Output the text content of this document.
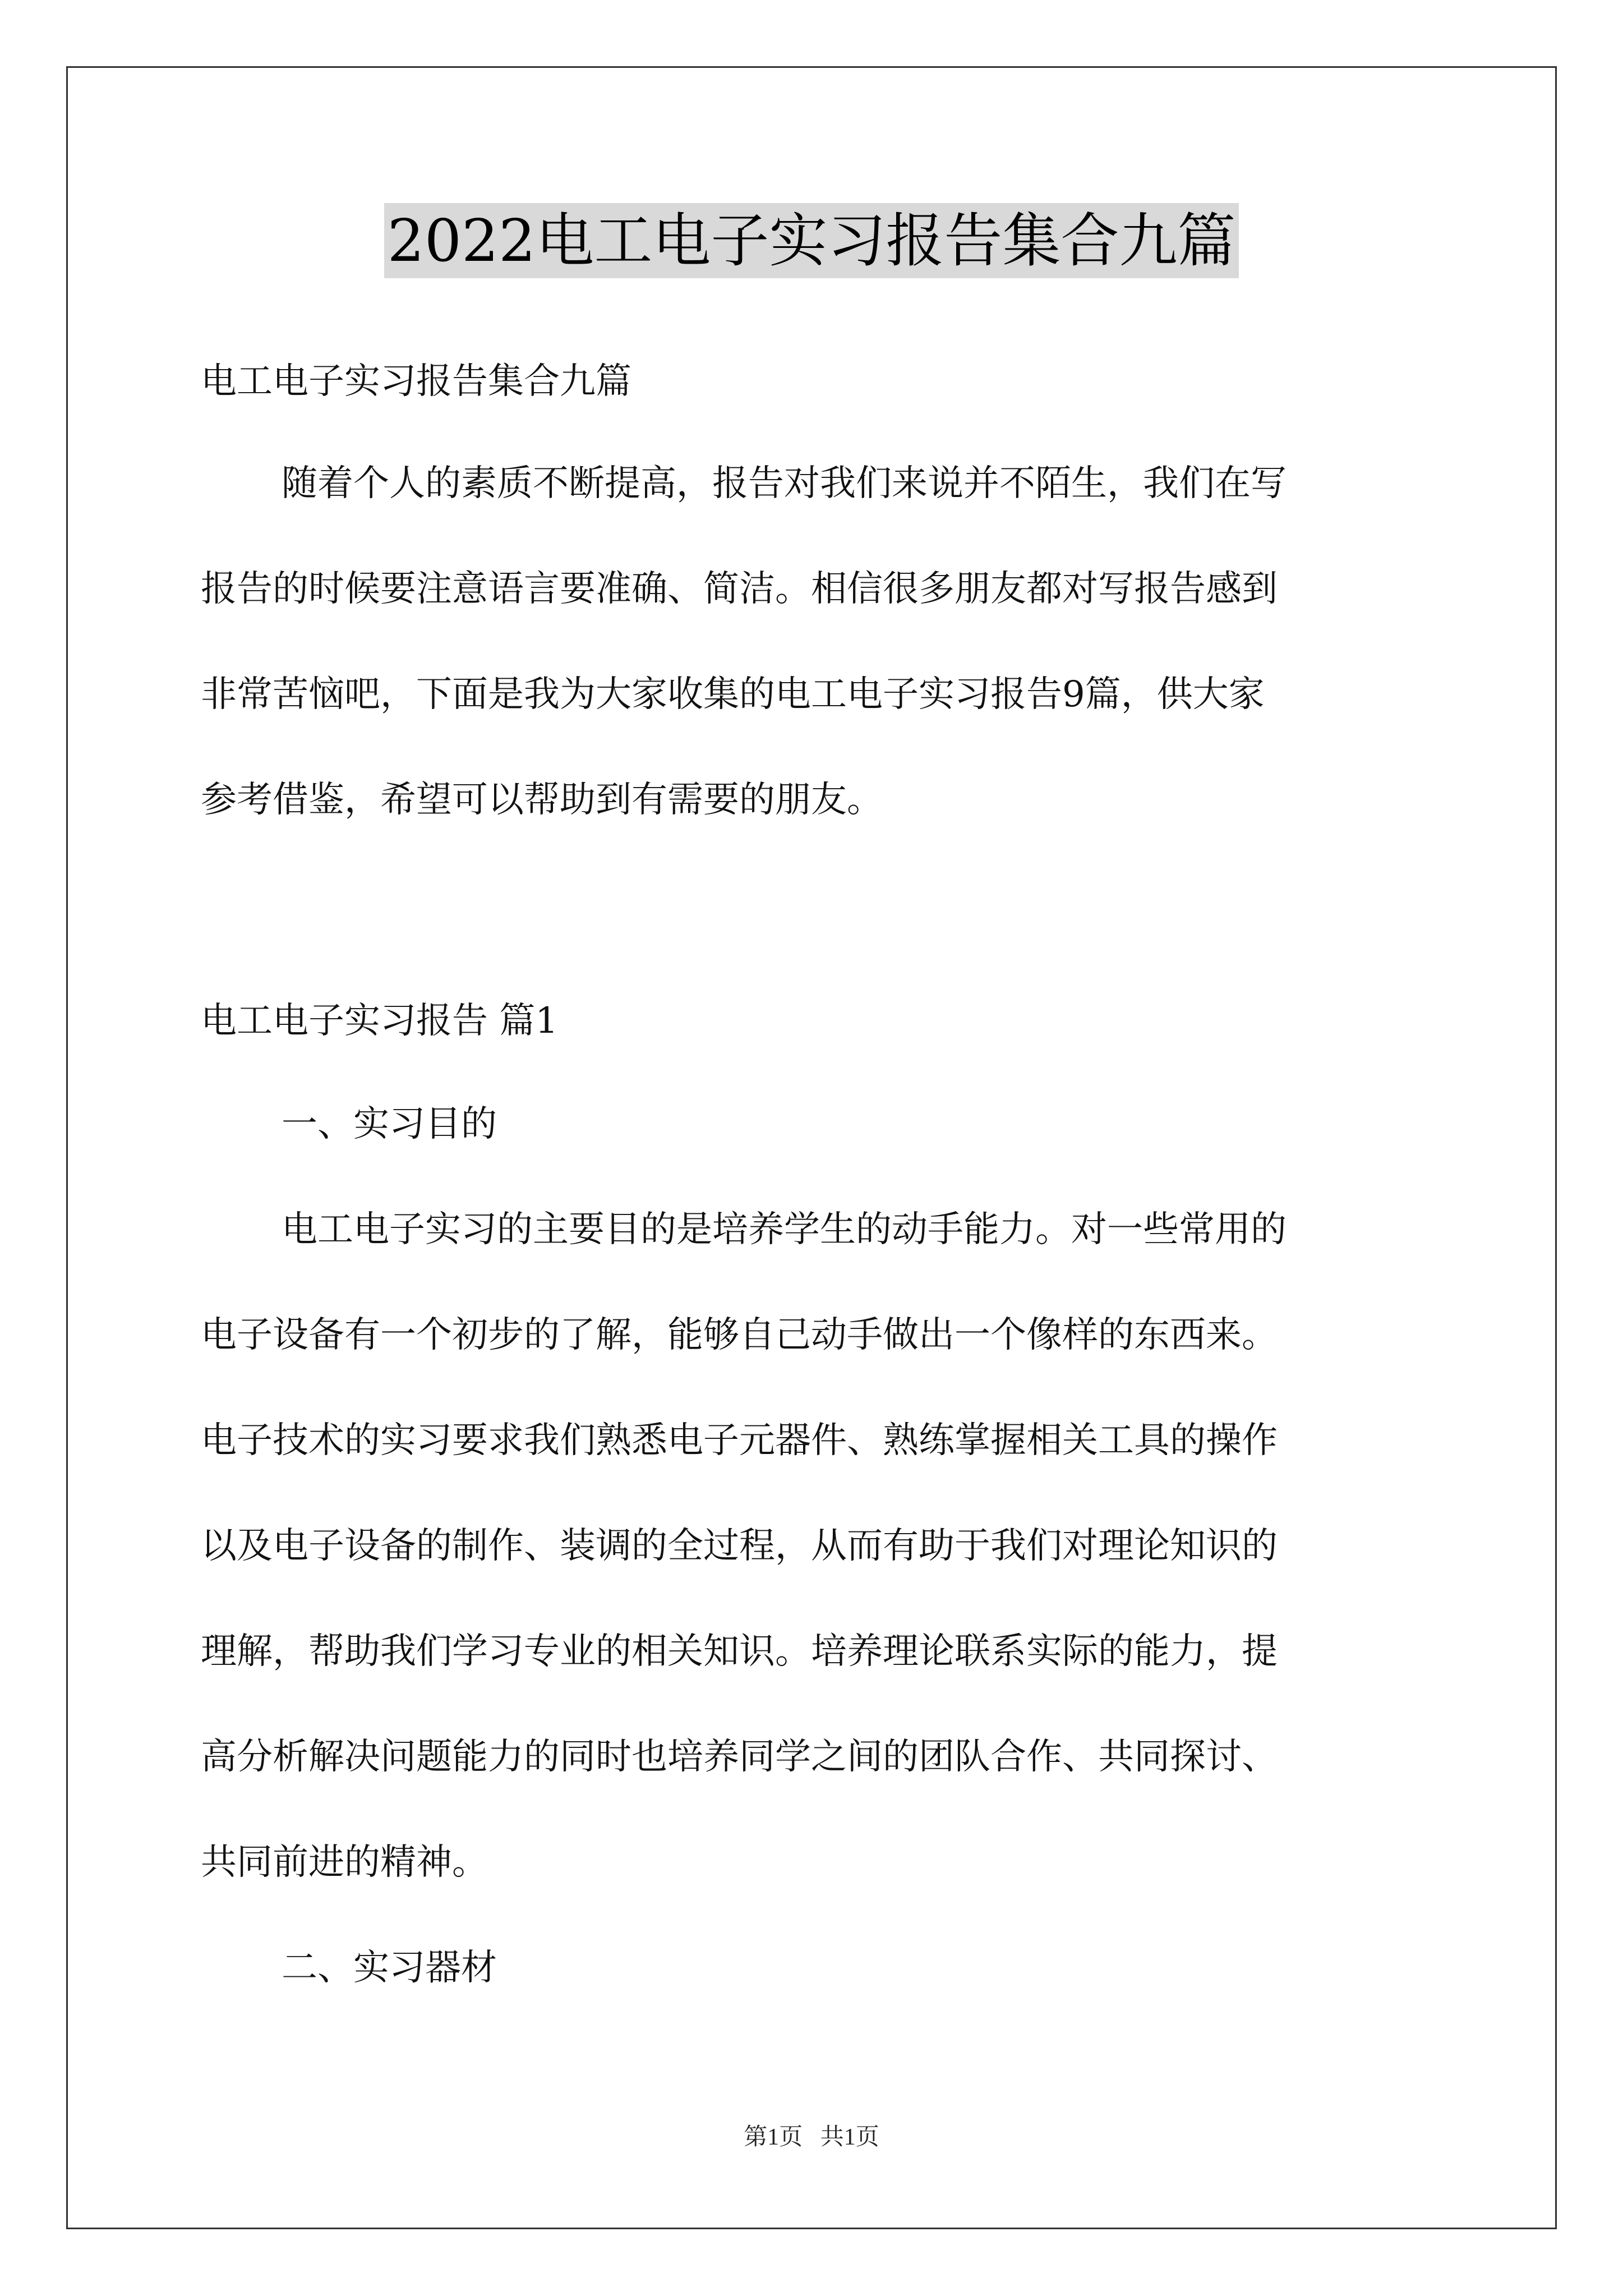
2022电工电子实习报告集合九篇
电工电子实习报告集合九篇
随着个人的素质不断提高，报告对我们来说并不陌生，我们在写
报告的时候要注意语言要准确、简洁。相信很多朋友都对写报告感到
非常苦恼吧，下面是我为大家收集的电工电子实习报告9篇，供大家
参考借鉴，希望可以帮助到有需要的朋友。
电工电子实习报告 篇1
一、实习目的
电工电子实习的主要目的是培养学生的动手能力。对一些常用的
电子设备有一个初步的了解，能够自己动手做出一个像样的东西来。
电子技术的实习要求我们熟悉电子元器件、熟练掌握相关工具的操作
以及电子设备的制作、装调的全过程，从而有助于我们对理论知识的
理解，帮助我们学习专业的相关知识。培养理论联系实际的能力，提
高分析解决问题能力的同时也培养同学之间的团队合作、共同探讨、
共同前进的精神。
二、实习器材
第1页 共1页
